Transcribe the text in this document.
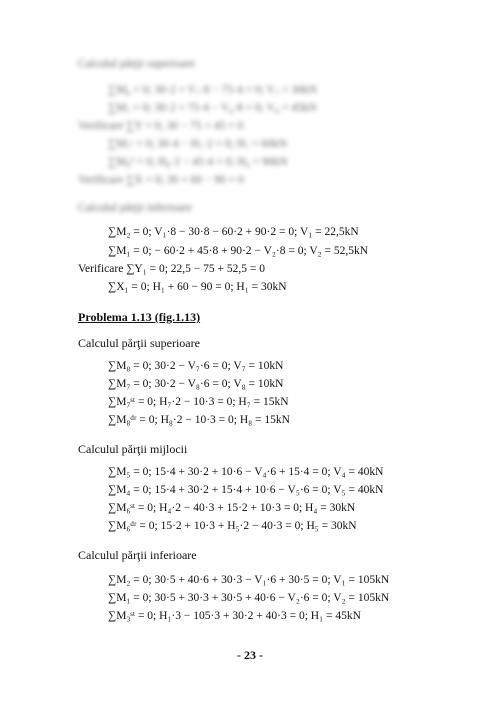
Calculul părţii superioare
∑M₈ = 0; 30·2 + V₇·8 − 75·4 = 0; V₇ = 30kN
∑M₇ = 0; 30·2 + 75·4 − V₈·8 = 0; V₈ = 45kN
Verificare ∑Y = 0; 30 − 75 + 45 = 0
∑M₇ᶜ = 0; 30·4 − H₇·2 = 0; H₇ = 60kN
∑M₈ᵈ = 0; H₈·2 − 45·4 = 0; H₈ = 90kN
Verificare ∑X = 0; 30 + 60 − 90 = 0
Calculul părţii inferioare
∑M₂ = 0; V₁·8 − 30·8 − 60·2 + 90·2 = 0; V₁ = 22,5kN
∑M₁ = 0; − 60·2 + 45·8 + 90·2 − V₂·8 = 0; V₂ = 52,5kN
Verificare ∑Y₁ = 0; 22,5 − 75 + 52,5 = 0
∑X₁ = 0; H₁ + 60 − 90 = 0; H₁ = 30kN
Problema 1.13 (fig.1.13)
Calculul părţii superioare
∑M₈ = 0; 30·2 − V₇·6 = 0; V₇ = 10kN
∑M₇ = 0; 30·2 − V₈·6 = 0; V₈ = 10kN
∑M₇ˢᵗ = 0; H₇·2 − 10·3 = 0; H₇ = 15kN
∑M₈ᵈʳ = 0; H₈·2 − 10·3 = 0; H₈ = 15kN
Calculul părţii mijlocii
∑M₅ = 0; 15·4 + 30·2 + 10·6 − V₄·6 + 15·4 = 0; V₄ = 40kN
∑M₄ = 0; 15·4 + 30·2 + 15·4 + 10·6 − V₅·6 = 0; V₅ = 40kN
∑M₆ˢᵗ = 0; H₄·2 − 40·3 + 15·2 + 10·3 = 0; H₄ = 30kN
∑M₆ᵈʳ = 0; 15·2 + 10·3 + H₅·2 − 40·3 = 0; H₅ = 30kN
Calculul părţii inferioare
∑M₂ = 0; 30·5 + 40·6 + 30·3 − V₁·6 + 30·5 = 0; V₁ = 105kN
∑M₁ = 0; 30·5 + 30·3 + 30·5 + 40·6 − V₂·6 = 0; V₂ = 105kN
∑M₃ˢᵗ = 0; H₁·3 − 105·3 + 30·2 + 40·3 = 0; H₁ = 45kN
- 23 -
